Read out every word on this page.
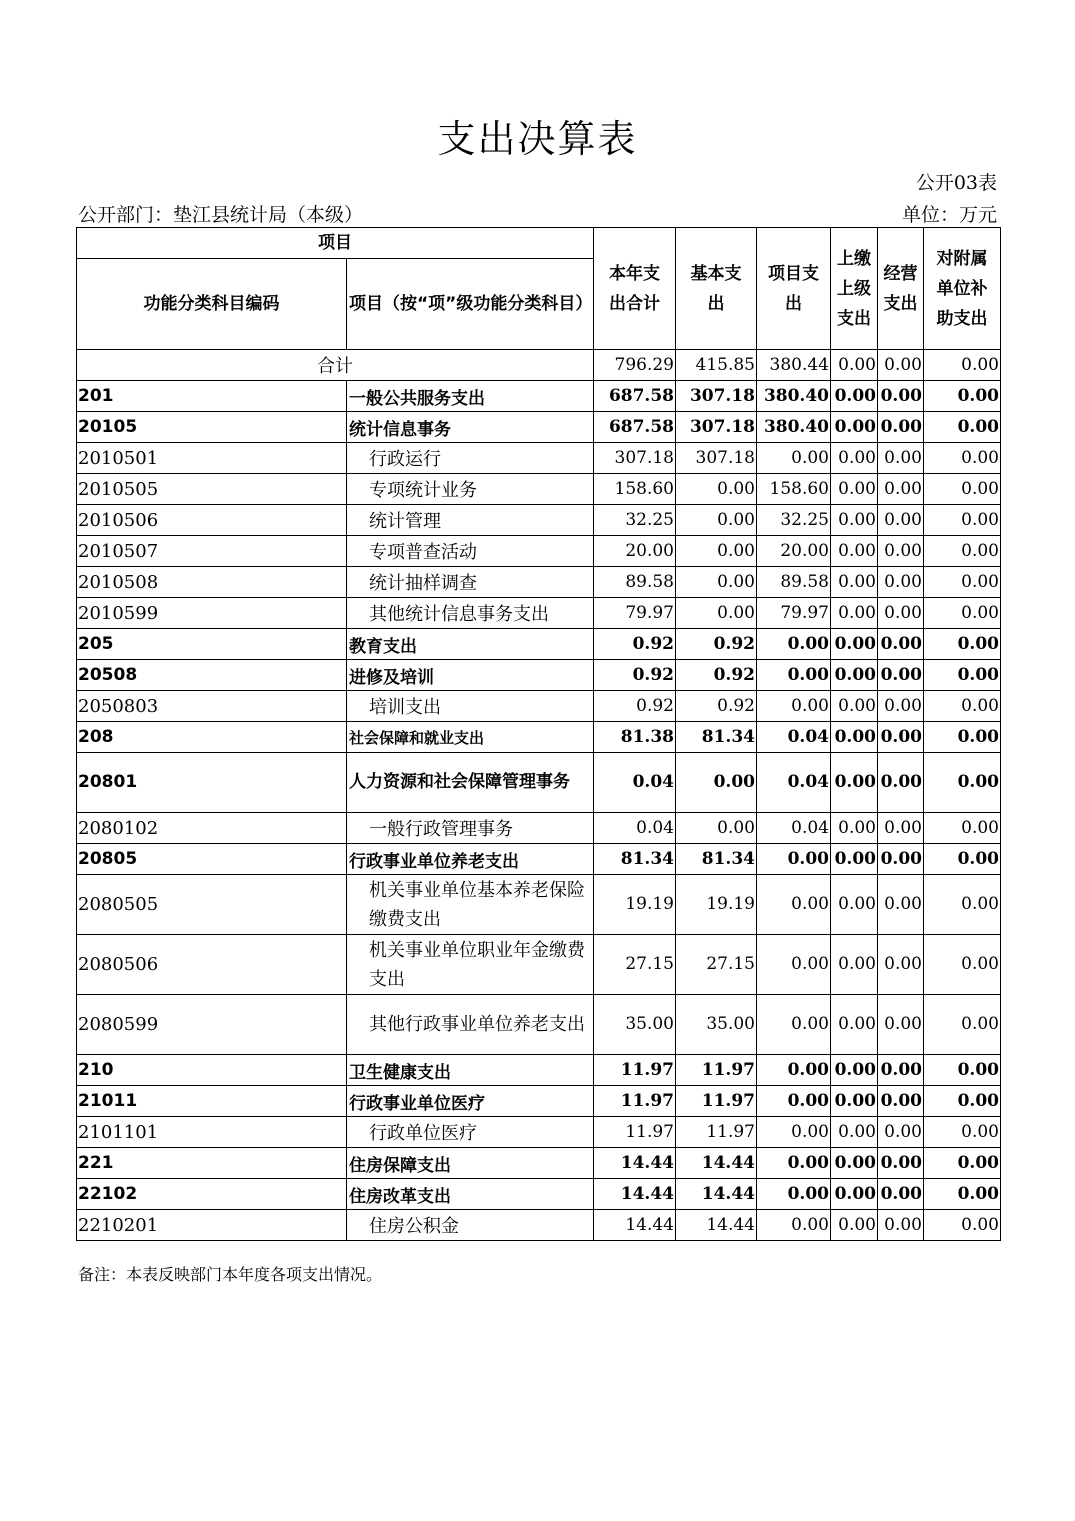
支出决算表
公开03表
公开部门：垫江县统计局（本级）	单位：万元
项目		本年支出合计	基本支出	项目支出	上缴上级支出	经营支出	对附属单位补助支出

功能分类科目编码	项目（按“项”级功能分类科目）						
合计		796.29	415.85	380.44	0.00	0.00	0.00
201	一般公共服务支出	687.58	307.18	380.40	0.00	0.00	0.00
20105	统计信息事务	687.58	307.18	380.40	0.00	0.00	0.00
2010501	行政运行	307.18	307.18	0.00	0.00	0.00	0.00
2010505	专项统计业务	158.60	0.00	158.60	0.00	0.00	0.00
2010506	统计管理	32.25	0.00	32.25	0.00	0.00	0.00
2010507	专项普查活动	20.00	0.00	20.00	0.00	0.00	0.00
2010508	统计抽样调查	89.58	0.00	89.58	0.00	0.00	0.00
2010599	其他统计信息事务支出	79.97	0.00	79.97	0.00	0.00	0.00
205	教育支出	0.92	0.92	0.00	0.00	0.00	0.00
20508	进修及培训	0.92	0.92	0.00	0.00	0.00	0.00
2050803	培训支出	0.92	0.92	0.00	0.00	0.00	0.00
208	社会保障和就业支出	81.38	81.34	0.04	0.00	0.00	0.00
20801	人力资源和社会保障管理事务	0.04	0.00	0.04	0.00	0.00	0.00
2080102	一般行政管理事务	0.04	0.00	0.04	0.00	0.00	0.00
20805	行政事业单位养老支出	81.34	81.34	0.00	0.00	0.00	0.00
2080505	机关事业单位基本养老保险缴费支出	19.19	19.19	0.00	0.00	0.00	0.00
2080506	机关事业单位职业年金缴费支出	27.15	27.15	0.00	0.00	0.00	0.00
2080599	其他行政事业单位养老支出	35.00	35.00	0.00	0.00	0.00	0.00
210	卫生健康支出	11.97	11.97	0.00	0.00	0.00	0.00
21011	行政事业单位医疗	11.97	11.97	0.00	0.00	0.00	0.00
2101101	行政单位医疗	11.97	11.97	0.00	0.00	0.00	0.00
221	住房保障支出	14.44	14.44	0.00	0.00	0.00	0.00
22102	住房改革支出	14.44	14.44	0.00	0.00	0.00	0.00
2210201	住房公积金	14.44	14.44	0.00	0.00	0.00	0.00
备注：本表反映部门本年度各项支出情况。
